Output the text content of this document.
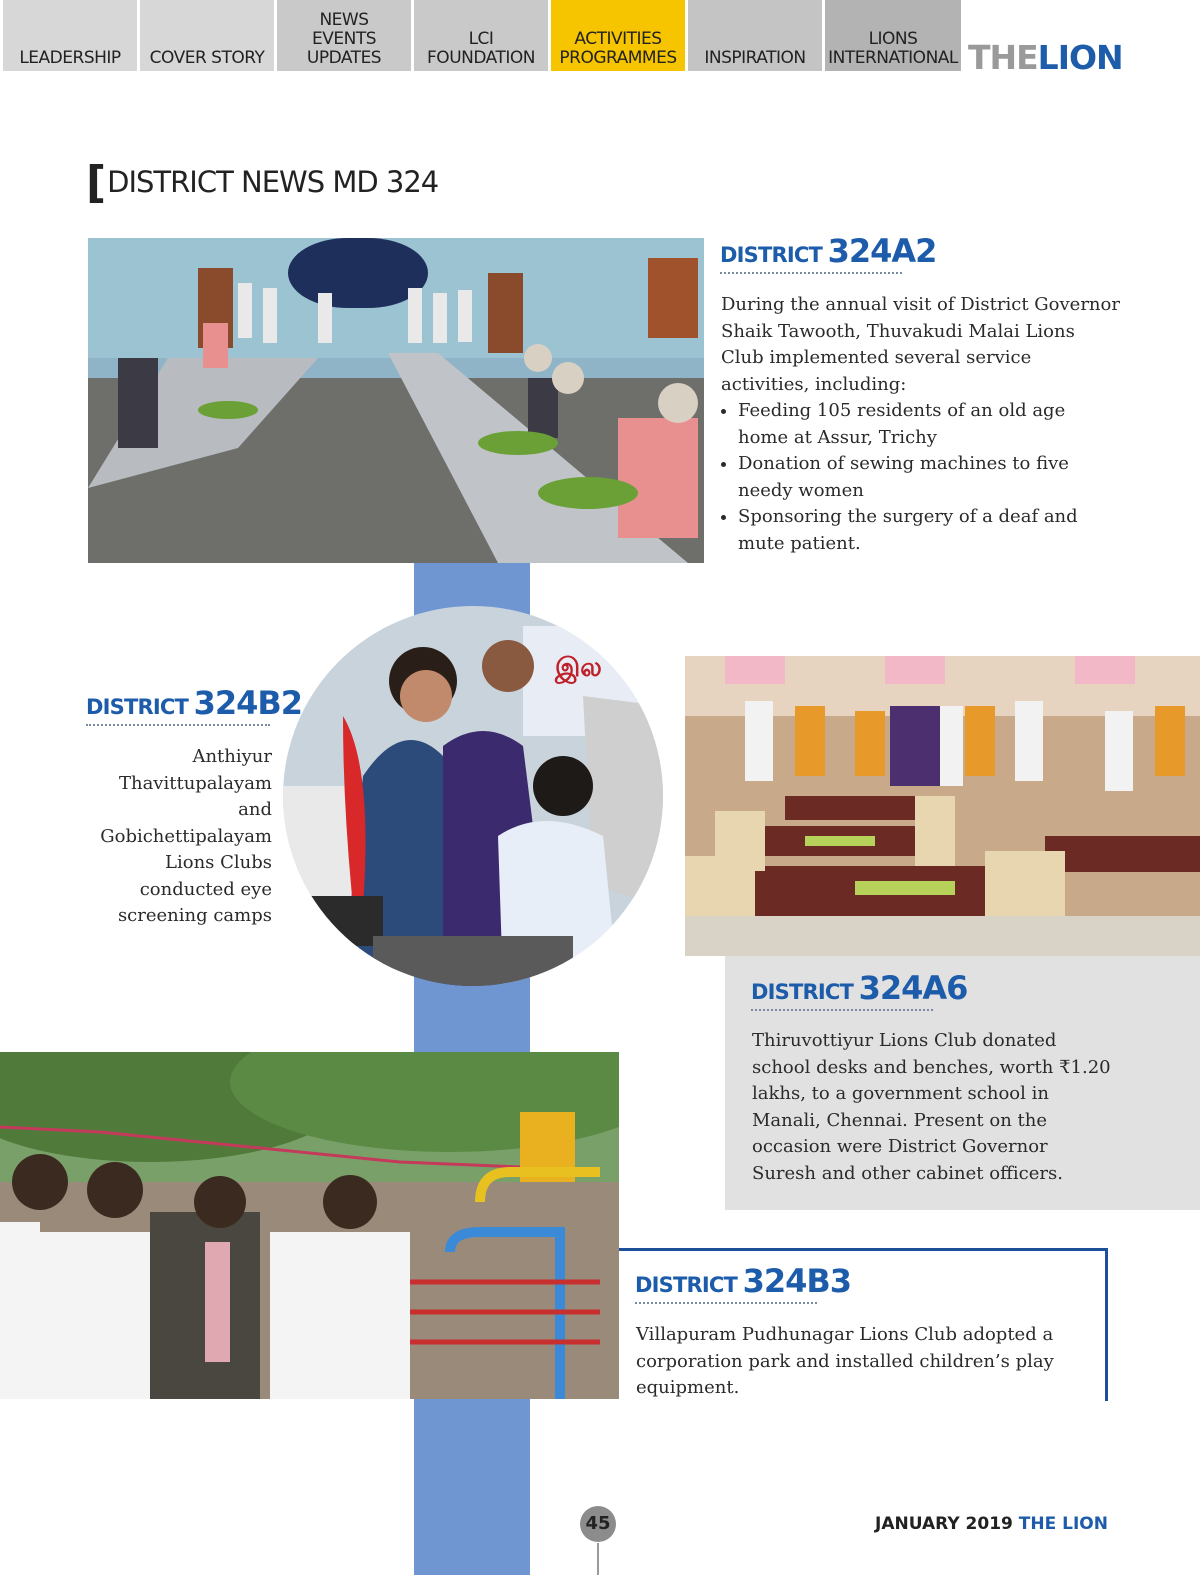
LEADERSHIP COVER STORY
NEWS
EVENTS
UPDATES
LCI
FOUNDATION
ACTIVITIES
PROGRAMMES INSPIRATION
LIONS
INTERNATIONAL THELION
[DISTRICT NEWS MD 324
DISTRICT 324A2
During the annual visit of District Governor Shaik Tawooth, Thuvakudi Malai Lions Club implemented several service activities, including:
• Feeding 105 residents of an old age home at Assur, Trichy
• Donation of sewing machines to five needy women
• Sponsoring the surgery of a deaf and mute patient.
இல
DISTRICT 324B2
Anthiyur Thavittupalayam and Gobichettipalayam Lions Clubs conducted eye screening camps
DISTRICT 324A6
Thiruvottiyur Lions Club donated school desks and benches, worth ₹1.20 lakhs, to a government school in Manali, Chennai. Present on the occasion were District Governor Suresh and other cabinet officers.
DISTRICT 324B3
Villapuram Pudhunagar Lions Club adopted a corporation park and installed children’s play equipment.
45	JANUARY 2019 THE LION
